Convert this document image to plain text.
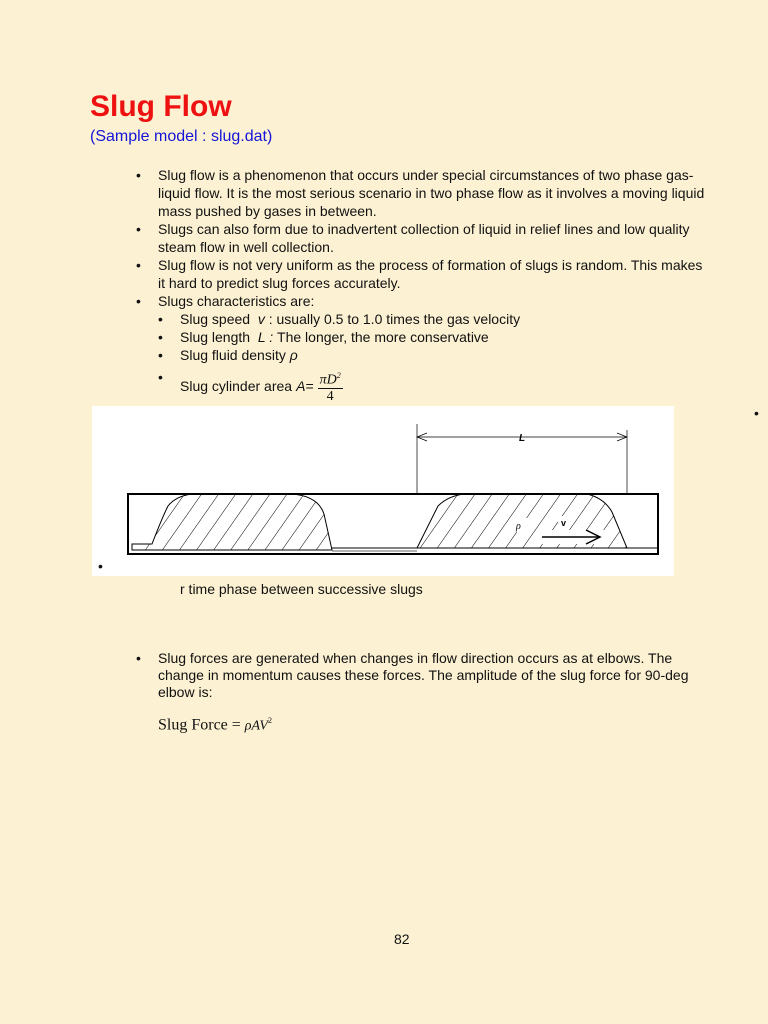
Slug Flow
(Sample model : slug.dat)
• Slug flow is a phenomenon that occurs under special circumstances of two phase gas-liquid flow. It is the most serious scenario in two phase flow as it involves a moving liquid mass pushed by gases in between.
• Slugs can also form due to inadvertent collection of liquid in relief lines and low quality steam flow in well collection.
• Slug flow is not very uniform as the process of formation of slugs is random. This makes it hard to predict slug forces accurately.
• Slugs characteristics are:
• Slug speed v : usually 0.5 to 1.0 times the gas velocity
• Slug length L : The longer, the more conservative
• Slug fluid density ρ
• Slug cylinder area $A= \frac{\pi D^2}{4}$
•
L
ρ	v
•
r time phase between successive slugs
• Slug forces are generated when changes in flow direction occurs as at elbows. The change in momentum causes these forces. The amplitude of the slug force for 90-deg elbow is:
Slug Force = ρAV$^2$
82
